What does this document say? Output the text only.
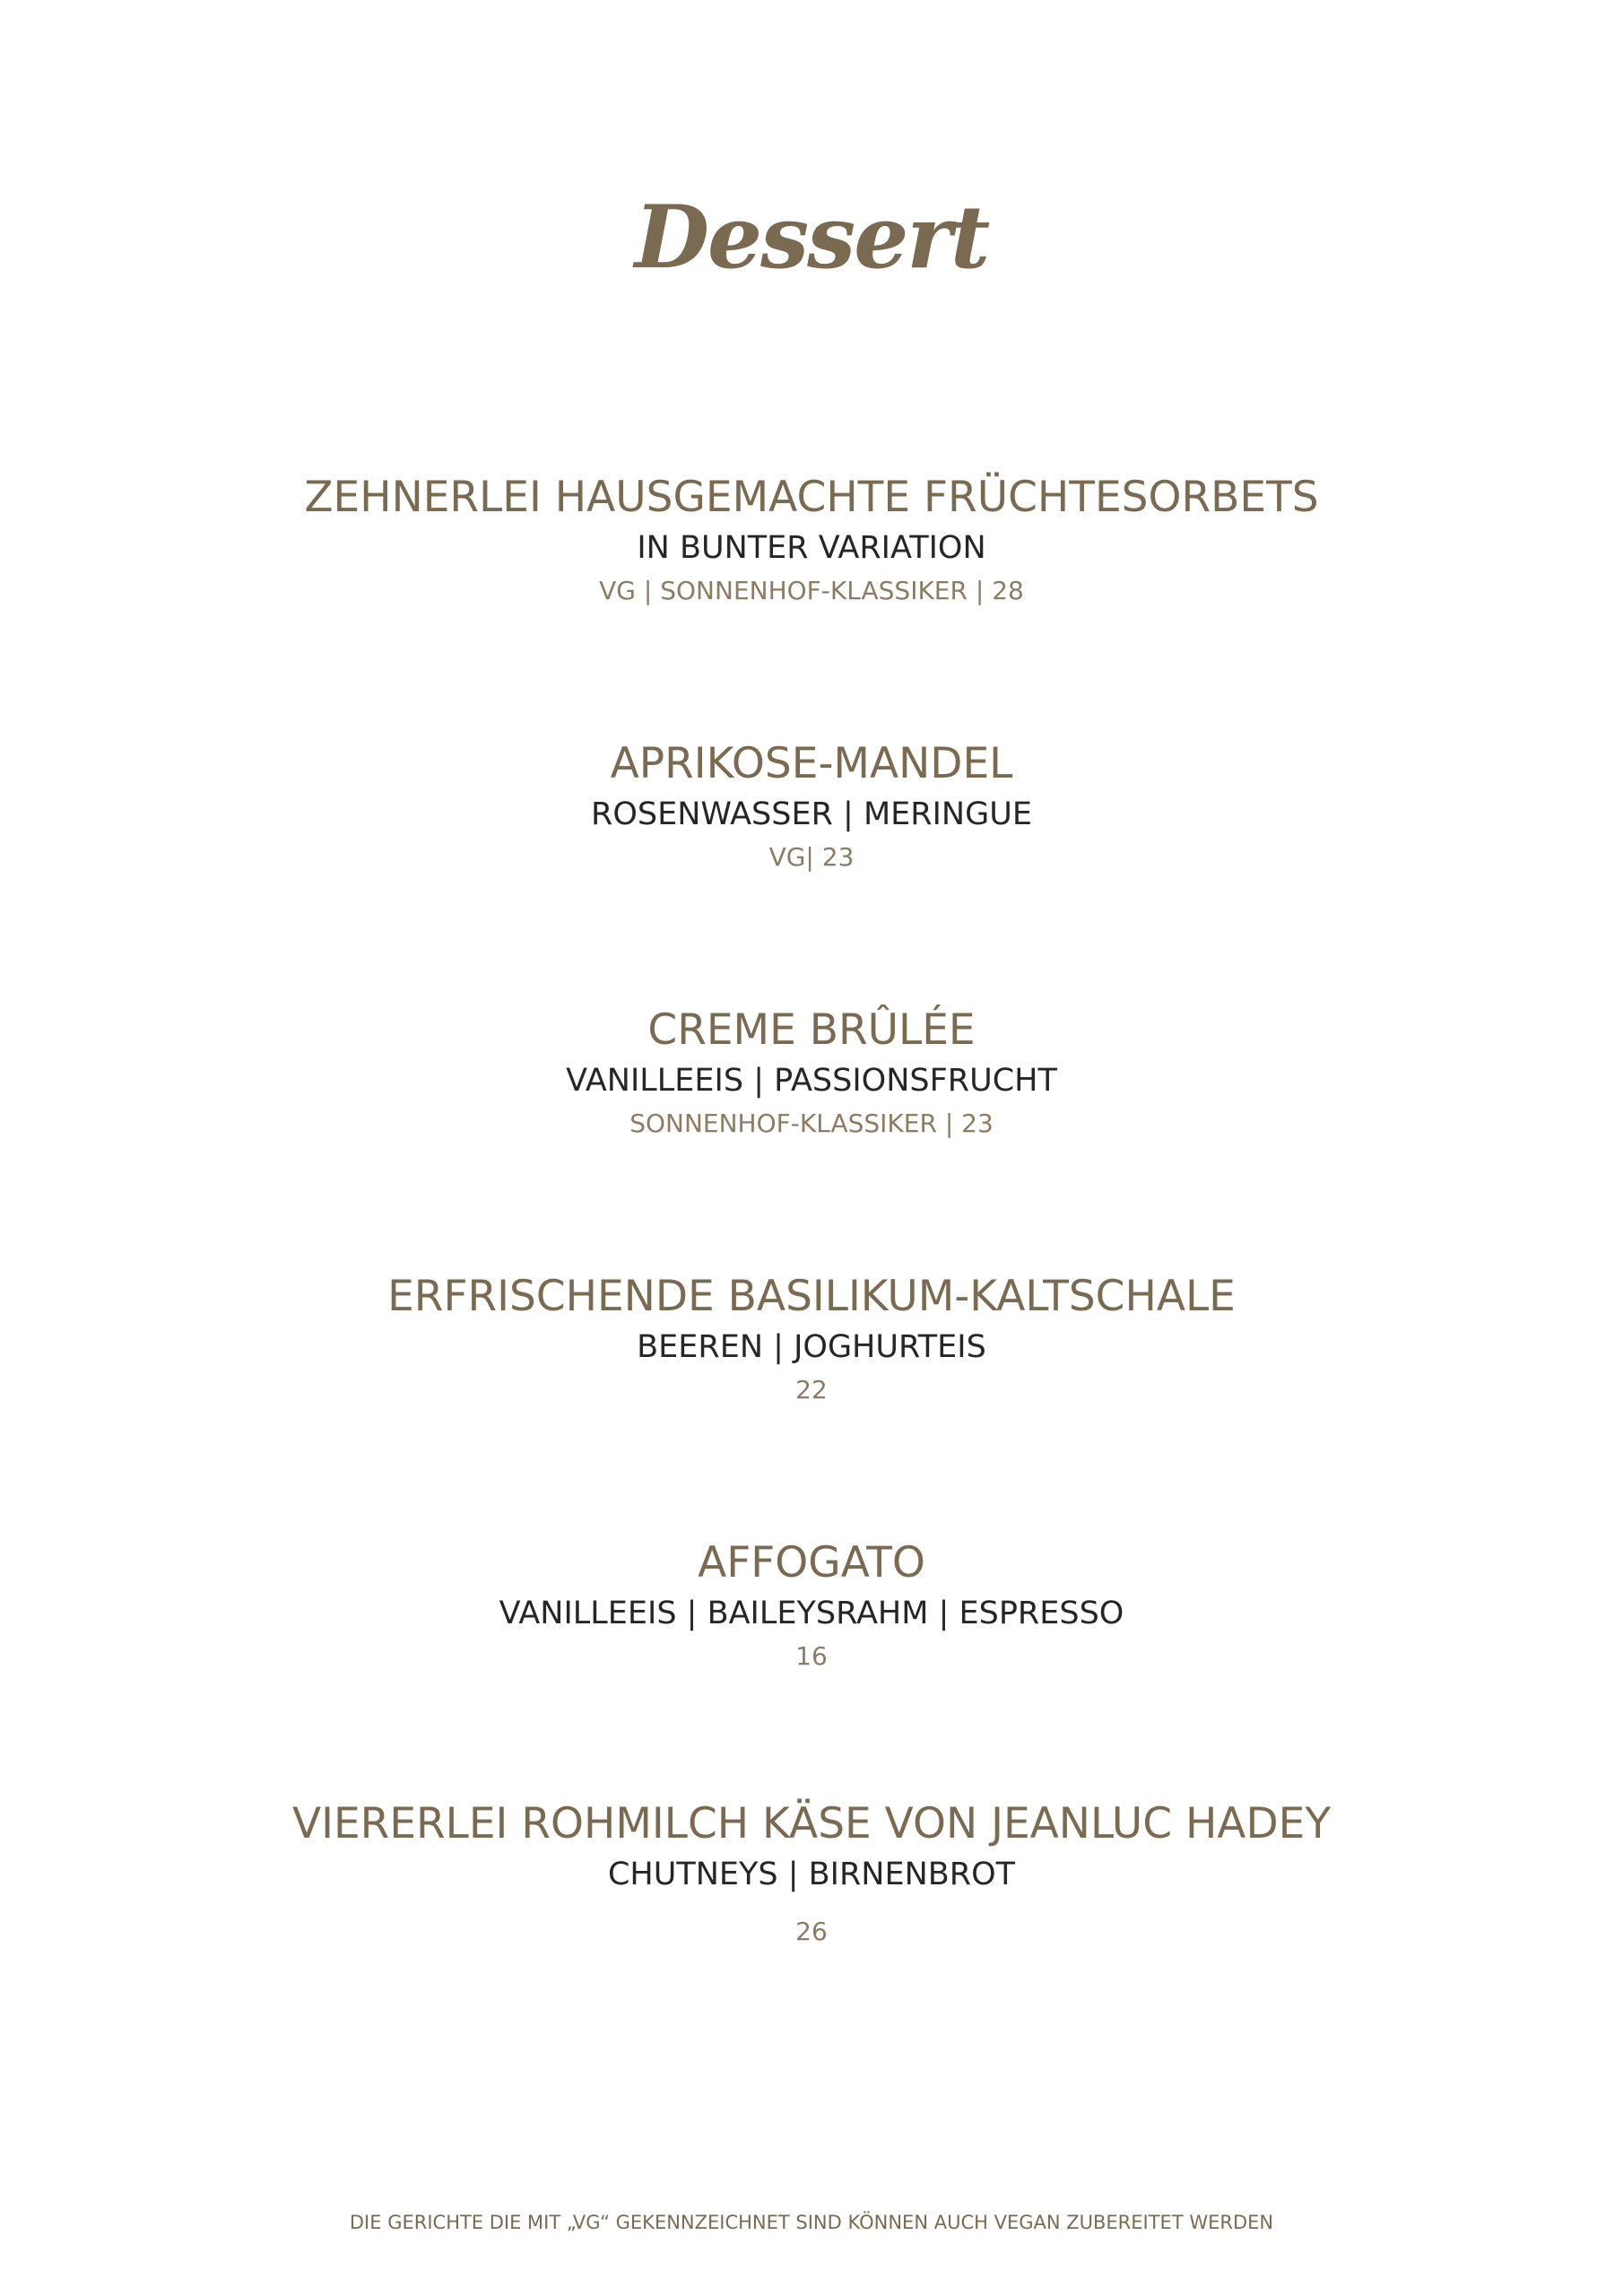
Dessert
ZEHNERLEI HAUSGEMACHTE FRÜCHTESORBETS
IN BUNTER VARIATION
VG | SONNENHOF-KLASSIKER | 28
APRIKOSE-MANDEL
ROSENWASSER | MERINGUE
VG| 23
CREME BRÛLÉE
VANILLEEIS | PASSIONSFRUCHT
SONNENHOF-KLASSIKER | 23
ERFRISCHENDE BASILIKUM-KALTSCHALE
BEEREN | JOGHURTEIS
22
AFFOGATO
VANILLEEIS | BAILEYSRAHM | ESPRESSO
16
VIERERLEI ROHMILCH KÄSE VON JEANLUC HADEY
CHUTNEYS | BIRNENBROT
26
DIE GERICHTE DIE MIT „VG“ GEKENNZEICHNET SIND KÖNNEN AUCH VEGAN ZUBEREITET WERDEN
